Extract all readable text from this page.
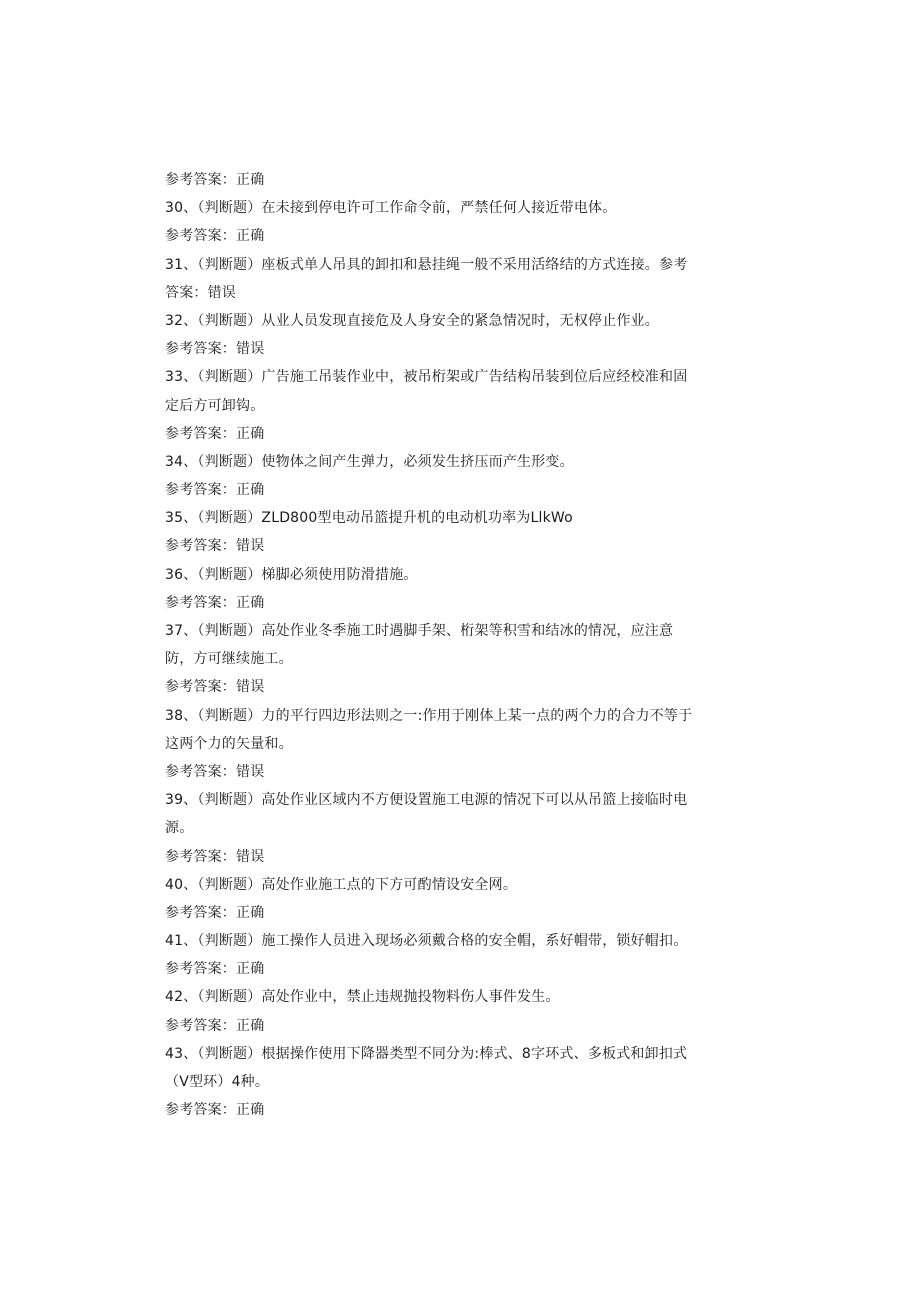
参考答案：正确
30、（判断题）在未接到停电许可工作命令前，严禁任何人接近带电体。
参考答案：正确
31、（判断题）座板式单人吊具的卸扣和悬挂绳一般不采用活络结的方式连接。参考
答案：错误
32、（判断题）从业人员发现直接危及人身安全的紧急情况时，无权停止作业。
参考答案：错误
33、（判断题）广告施工吊装作业中，被吊桁架或广告结构吊装到位后应经校准和固
定后方可卸钩。
参考答案：正确
34、（判断题）使物体之间产生弹力，必须发生挤压而产生形变。
参考答案：正确
35、（判断题）ZLD800型电动吊篮提升机的电动机功率为LlkWo
参考答案：错误
36、（判断题）梯脚必须使用防滑措施。
参考答案：正确
37、（判断题）高处作业冬季施工时遇脚手架、桁架等积雪和结冰的情况，应注意
防，方可继续施工。
参考答案：错误
38、（判断题）力的平行四边形法则之一:作用于刚体上某一点的两个力的合力不等于
这两个力的矢量和。
参考答案：错误
39、（判断题）高处作业区域内不方便设置施工电源的情况下可以从吊篮上接临时电
源。
参考答案：错误
40、（判断题）高处作业施工点的下方可酌情设安全网。
参考答案：正确
41、（判断题）施工操作人员进入现场必须戴合格的安全帽，系好帽带，锁好帽扣。
参考答案：正确
42、（判断题）高处作业中，禁止违规抛投物料伤人事件发生。
参考答案：正确
43、（判断题）根据操作使用下降器类型不同分为:棒式、8字环式、多板式和卸扣式
（V型环）4种。
参考答案：正确
